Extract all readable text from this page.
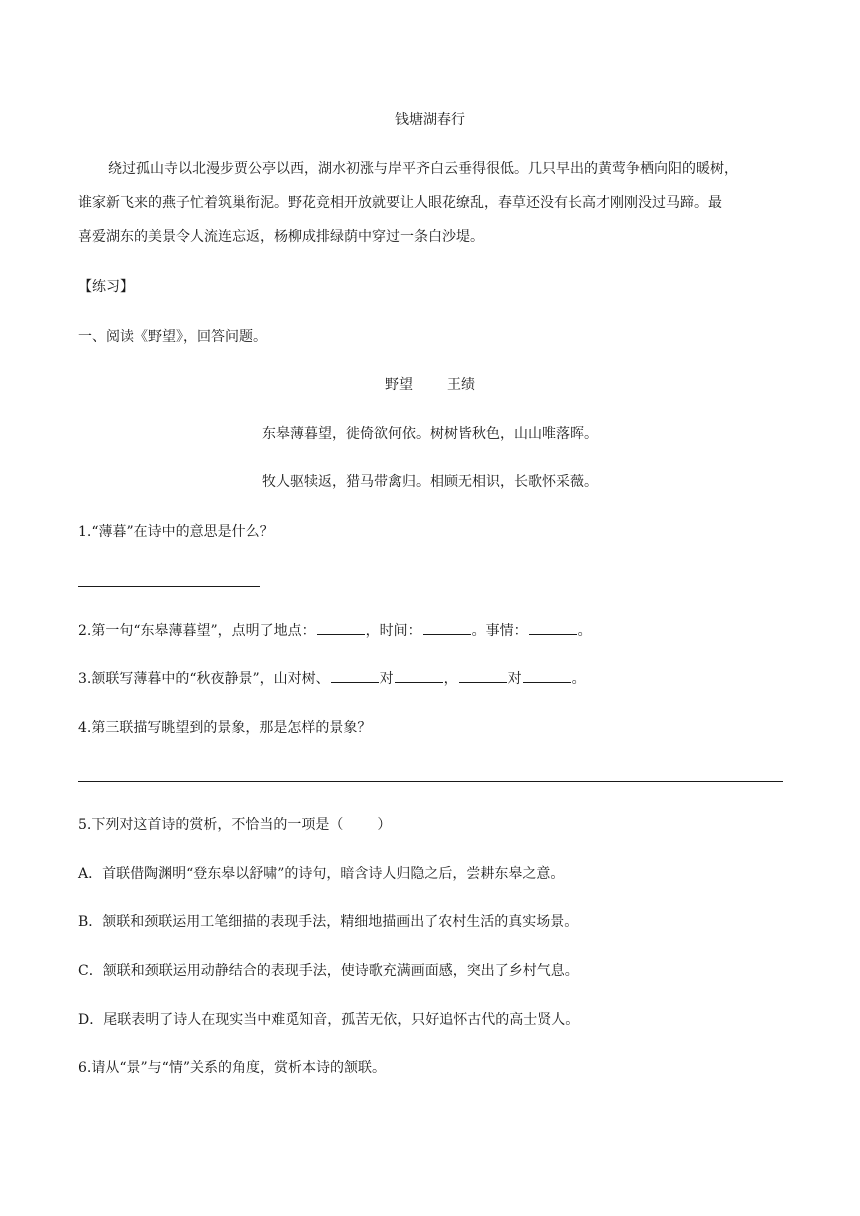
钱塘湖春行
绕过孤山寺以北漫步贾公亭以西，湖水初涨与岸平齐白云垂得很低。几只早出的黄莺争栖向阳的暖树，
谁家新飞来的燕子忙着筑巢衔泥。野花竞相开放就要让人眼花缭乱，春草还没有长高才刚刚没过马蹄。最
喜爱湖东的美景令人流连忘返，杨柳成排绿荫中穿过一条白沙堤。
【练习】
一、阅读《野望》，回答问题。
野望 王绩
东皋薄暮望，徙倚欲何依。树树皆秋色，山山唯落晖。
牧人驱犊返，猎马带禽归。相顾无相识，长歌怀采薇。
1.“薄暮”在诗中的意思是什么？
2.第一句“东皋薄暮望”，点明了地点：	，时间：	。事情：	。
3.颔联写薄暮中的“秋夜静景”，山对树、	对	，	对	。
4.第三联描写眺望到的景象，那是怎样的景象？
5.下列对这首诗的赏析，不恰当的一项是（ ）
A．首联借陶渊明“登东皋以舒啸”的诗句，暗含诗人归隐之后，尝耕东皋之意。
B．颔联和颈联运用工笔细描的表现手法，精细地描画出了农村生活的真实场景。
C．颔联和颈联运用动静结合的表现手法，使诗歌充满画面感，突出了乡村气息。
D．尾联表明了诗人在现实当中难觅知音，孤苦无依，只好追怀古代的高士贤人。
6.请从“景”与“情”关系的角度，赏析本诗的颔联。
